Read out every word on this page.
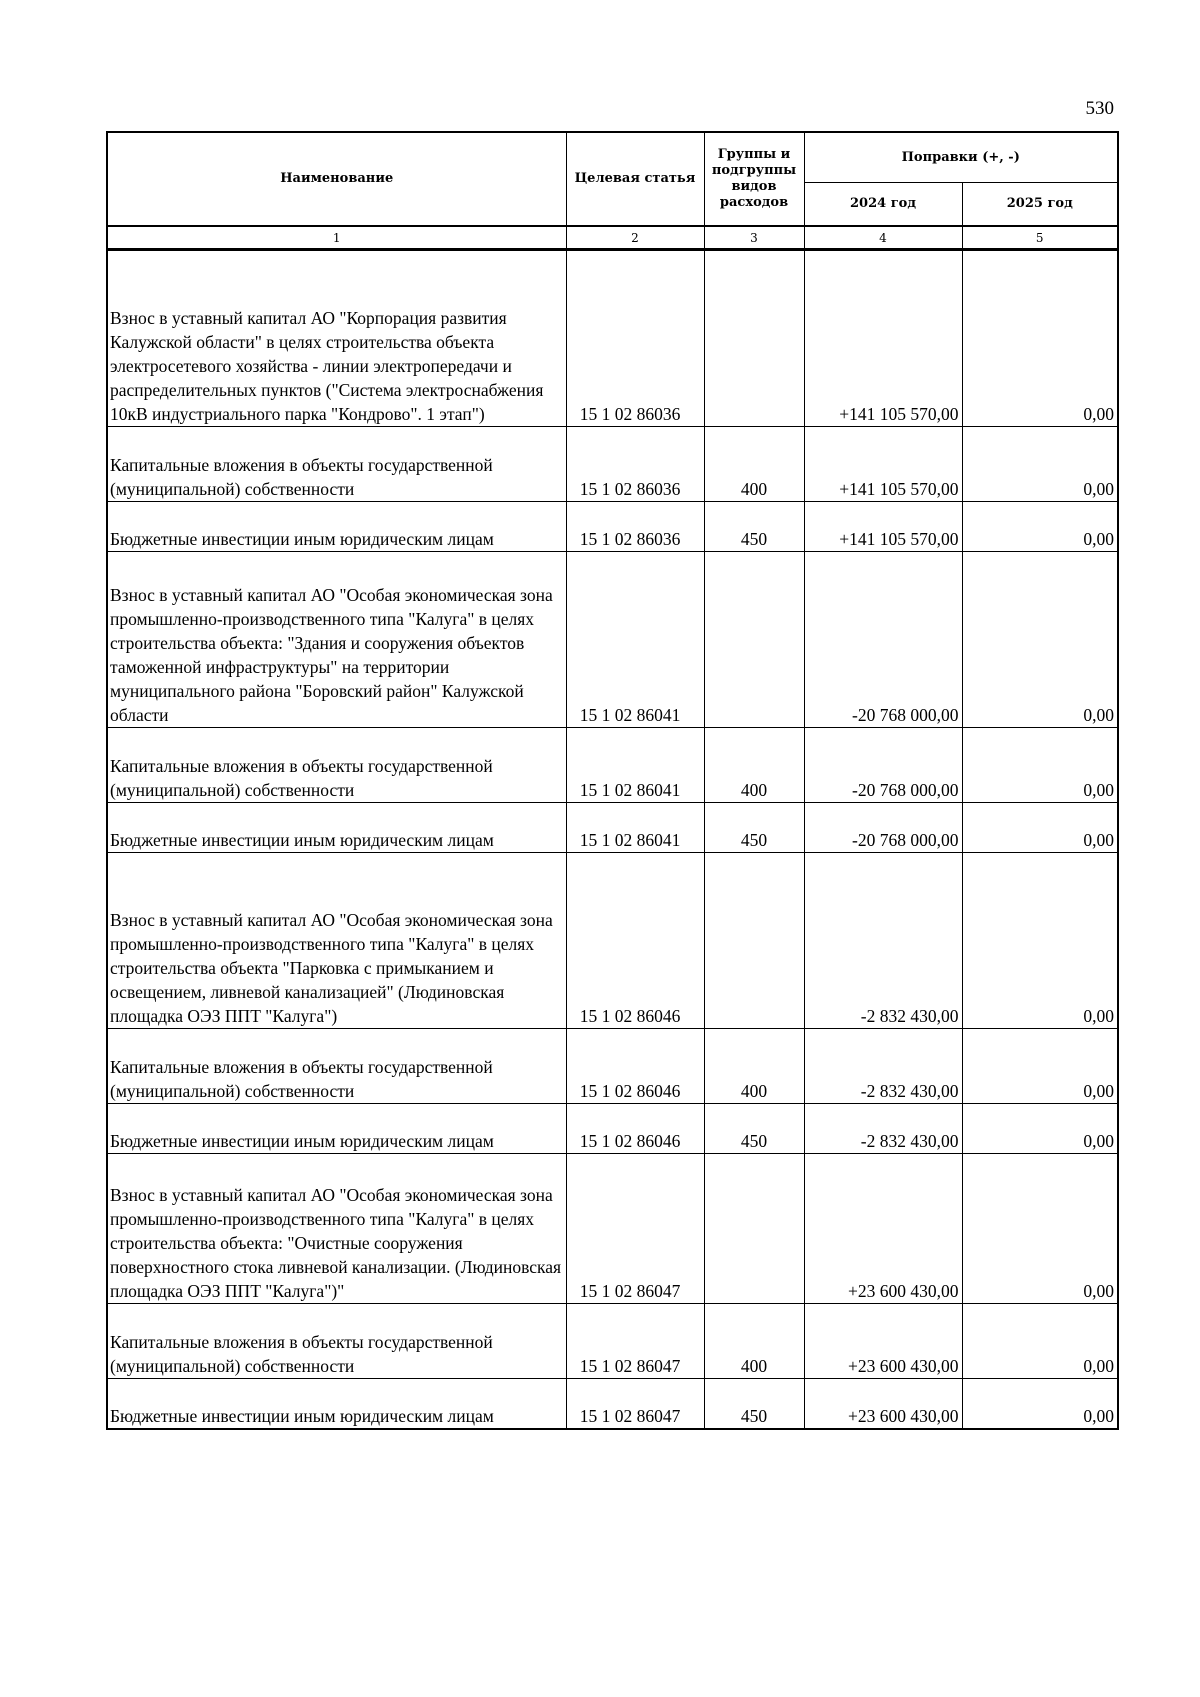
530
Наименование	Целевая статья	Группы и подгруппы видов расходов	Поправки (+, -)	
			2024 год	2025 год
1	2	3	4	5
Взнос в уставный капитал АО "Корпорация развития Калужской области" в целях строительства объекта электросетевого хозяйства - линии электропередачи и распределительных пунктов ("Система электроснабжения 10кВ индустриального парка "Кондрово". 1 этап")	15 1 02 86036		+141 105 570,00	0,00
Капитальные вложения в объекты государственной (муниципальной) собственности	15 1 02 86036	400	+141 105 570,00	0,00
Бюджетные инвестиции иным юридическим лицам	15 1 02 86036	450	+141 105 570,00	0,00
Взнос в уставный капитал АО "Особая экономическая зона промышленно-производственного типа "Калуга" в целях строительства объекта: "Здания и сооружения объектов таможенной инфраструктуры" на территории муниципального района "Боровский район" Калужской области	15 1 02 86041		-20 768 000,00	0,00
Капитальные вложения в объекты государственной (муниципальной) собственности	15 1 02 86041	400	-20 768 000,00	0,00
Бюджетные инвестиции иным юридическим лицам	15 1 02 86041	450	-20 768 000,00	0,00
Взнос в уставный капитал АО "Особая экономическая зона промышленно-производственного типа "Калуга" в целях строительства объекта "Парковка с примыканием и освещением, ливневой канализацией" (Людиновская площадка ОЭЗ ППТ "Калуга")	15 1 02 86046		-2 832 430,00	0,00
Капитальные вложения в объекты государственной (муниципальной) собственности	15 1 02 86046	400	-2 832 430,00	0,00
Бюджетные инвестиции иным юридическим лицам	15 1 02 86046	450	-2 832 430,00	0,00
Взнос в уставный капитал АО "Особая экономическая зона промышленно-производственного типа "Калуга" в целях строительства объекта: "Очистные сооружения поверхностного стока ливневой канализации. (Людиновская площадка ОЭЗ ППТ "Калуга")"	15 1 02 86047		+23 600 430,00	0,00
Капитальные вложения в объекты государственной (муниципальной) собственности	15 1 02 86047	400	+23 600 430,00	0,00
Бюджетные инвестиции иным юридическим лицам	15 1 02 86047	450	+23 600 430,00	0,00
